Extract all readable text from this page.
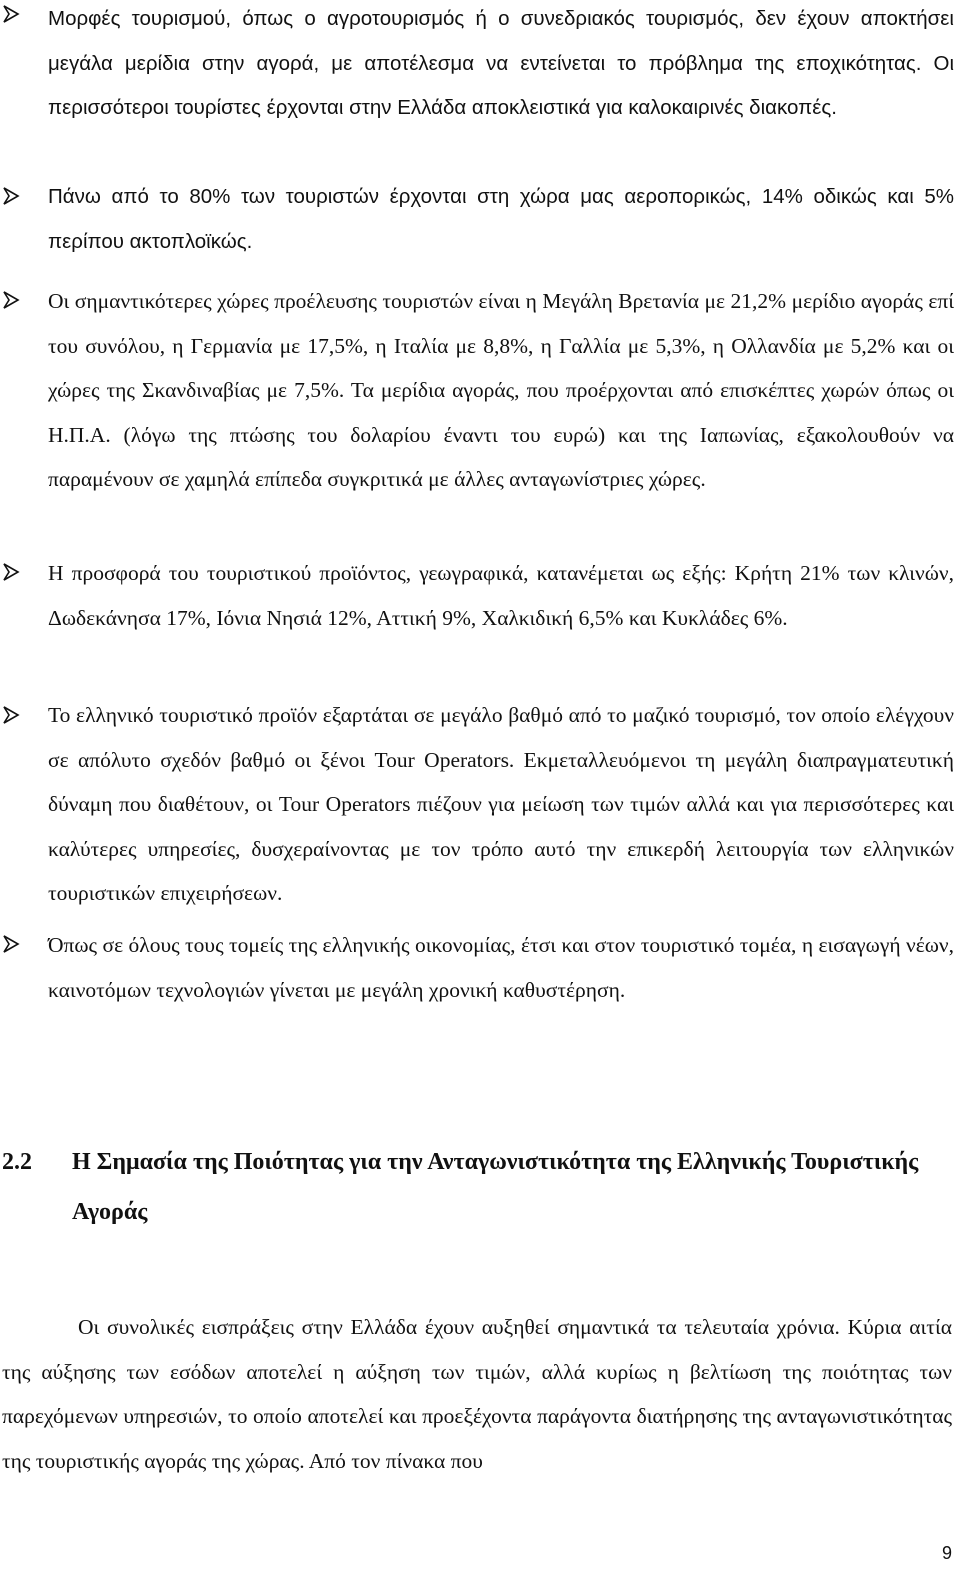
Μορφές τουρισμού, όπως ο αγροτουρισμός ή ο συνεδριακός τουρισμός, δεν έχουν αποκτήσει μεγάλα μερίδια στην αγορά, με αποτέλεσμα να εντείνεται το πρόβλημα της εποχικότητας. Οι περισσότεροι τουρίστες έρχονται στην Ελλάδα αποκλειστικά για καλοκαιρινές διακοπές.

Πάνω από το 80% των τουριστών έρχονται στη χώρα μας αεροπορικώς, 14% οδικώς και 5% περίπου ακτοπλοϊκώς.

Οι σημαντικότερες χώρες προέλευσης τουριστών είναι η Μεγάλη Βρετανία με 21,2% μερίδιο αγοράς επί του συνόλου, η Γερμανία με 17,5%, η Ιταλία με 8,8%, η Γαλλία με 5,3%, η Ολλανδία με 5,2% και οι χώρες της Σκανδιναβίας με 7,5%. Τα μερίδια αγοράς, που προέρχονται από επισκέπτες χωρών όπως οι Η.Π.Α. (λόγω της πτώσης του δολαρίου έναντι του ευρώ) και της Ιαπωνίας, εξακολουθούν να παραμένουν σε χαμηλά επίπεδα συγκριτικά με άλλες ανταγωνίστριες χώρες.

Η προσφορά του τουριστικού προϊόντος, γεωγραφικά, κατανέμεται ως εξής: Κρήτη 21% των κλινών, Δωδεκάνησα 17%, Ιόνια Νησιά 12%, Αττική 9%, Χαλκιδική 6,5% και Κυκλάδες 6%.

Το ελληνικό τουριστικό προϊόν εξαρτάται σε μεγάλο βαθμό από το μαζικό τουρισμό, τον οποίο ελέγχουν σε απόλυτο σχεδόν βαθμό οι ξένοι Tour Operators. Εκμεταλλευόμενοι τη μεγάλη διαπραγματευτική δύναμη που διαθέτουν, οι Tour Operators πιέζουν για μείωση των τιμών αλλά και για περισσότερες και καλύτερες υπηρεσίες, δυσχεραίνοντας με τον τρόπο αυτό την επικερδή λειτουργία των ελληνικών τουριστικών επιχειρήσεων.

Όπως σε όλους τους τομείς της ελληνικής οικονομίας, έτσι και στον τουριστικό τομέα, η εισαγωγή νέων, καινοτόμων τεχνολογιών γίνεται με μεγάλη χρονική καθυστέρηση.

2.2 Η Σημασία της Ποιότητας για την Ανταγωνιστικότητα της Ελληνικής Τουριστικής Αγοράς

Οι συνολικές εισπράξεις στην Ελλάδα έχουν αυξηθεί σημαντικά τα τελευταία χρόνια. Κύρια αιτία της αύξησης των εσόδων αποτελεί η αύξηση των τιμών, αλλά κυρίως η βελτίωση της ποιότητας των παρεχόμενων υπηρεσιών, το οποίο αποτελεί και προεξέχοντα παράγοντα διατήρησης της ανταγωνιστικότητας της τουριστικής αγοράς της χώρας. Από τον πίνακα που

9
